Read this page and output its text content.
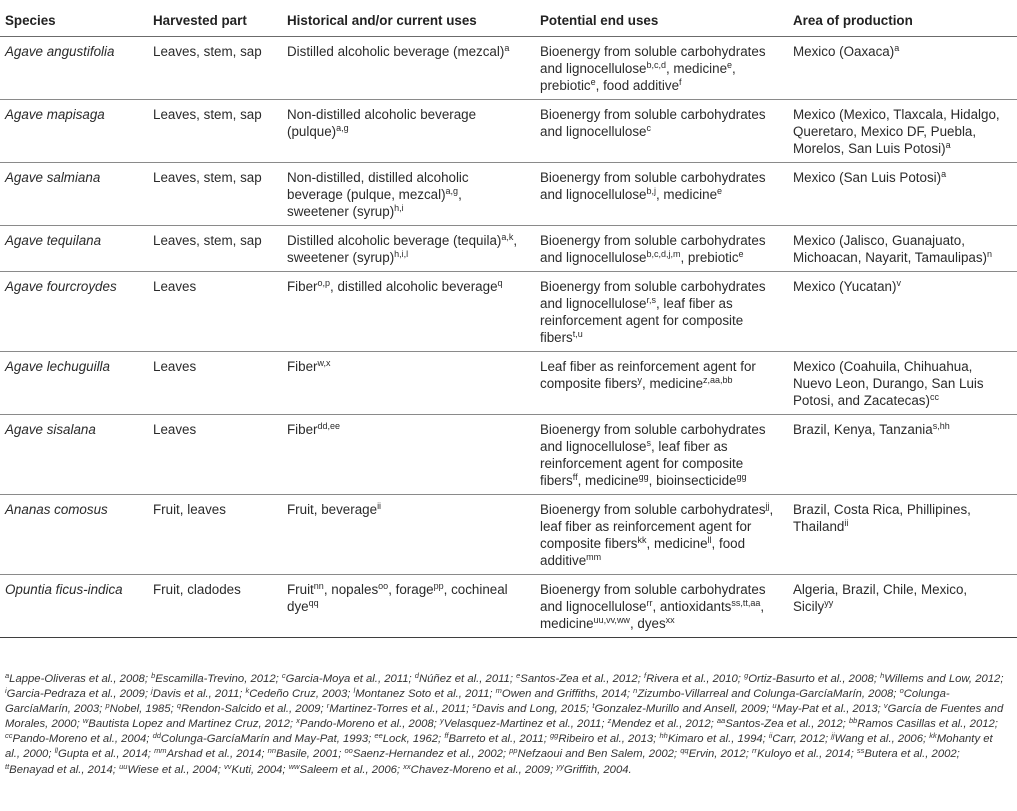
Species	Harvested part	Historical and/or current uses	Potential end uses	Area of production
Agave angustifolia	Leaves, stem, sap	Distilled alcoholic beverage (mezcal)$^a$	Bioenergy from soluble carbohydrates and lignocellulose$^{b,c,d}$, medicine$^e$, prebiotic$^e$, food additive$^f$	Mexico (Oaxaca)$^a$
Agave mapisaga	Leaves, stem, sap	Non-distilled alcoholic beverage (pulque)$^{a,g}$	Bioenergy from soluble carbohydrates and lignocellulose$^c$	Mexico (Mexico, Tlaxcala, Hidalgo, Queretaro, Mexico DF, Puebla, Morelos, San Luis Potosi)$^a$
Agave salmiana	Leaves, stem, sap	Non-distilled, distilled alcoholic beverage (pulque, mezcal)$^{a,g}$, sweetener (syrup)$^{h,i}$	Bioenergy from soluble carbohydrates and lignocellulose$^{b,j}$, medicine$^e$	Mexico (San Luis Potosi)$^a$
Agave tequilana	Leaves, stem, sap	Distilled alcoholic beverage (tequila)$^{a,k}$, sweetener (syrup)$^{h,i,l}$	Bioenergy from soluble carbohydrates and lignocellulose$^{b,c,d,j,m}$, prebiotic$^e$	Mexico (Jalisco, Guanajuato, Michoacan, Nayarit, Tamaulipas)$^n$
Agave fourcroydes	Leaves	Fiber$^{o,p}$, distilled alcoholic beverage$^q$	Bioenergy from soluble carbohydrates and lignocellulose$^{r,s}$, leaf fiber as reinforcement agent for composite fibers$^{t,u}$	Mexico (Yucatan)$^v$
Agave lechuguilla	Leaves	Fiber$^{w,x}$	Leaf fiber as reinforcement agent for composite fibers$^y$, medicine$^{z,aa,bb}$	Mexico (Coahuila, Chihuahua, Nuevo Leon, Durango, San Luis Potosi, and Zacatecas)$^{cc}$
Agave sisalana	Leaves	Fiber$^{dd,ee}$	Bioenergy from soluble carbohydrates and lignocellulose$^s$, leaf fiber as reinforcement agent for composite fibers$^{ff}$, medicine$^{gg}$, bioinsecticide$^{gg}$	Brazil, Kenya, Tanzania$^{s,hh}$
Ananas comosus	Fruit, leaves	Fruit, beverage$^{ii}$	Bioenergy from soluble carbohydrates$^{jj}$, leaf fiber as reinforcement agent for composite fibers$^{kk}$, medicine$^{ll}$, food additive$^{mm}$	Brazil, Costa Rica, Phillipines, Thailand$^{ii}$
Opuntia ficus-indica	Fruit, cladodes	Fruit$^{nn}$, nopales$^{oo}$, forage$^{pp}$, cochineal dye$^{qq}$	Bioenergy from soluble carbohydrates and lignocellulose$^{rr}$, antioxidants$^{ss,tt,aa}$, medicine$^{uu,vv,ww}$, dyes$^{xx}$	Algeria, Brazil, Chile, Mexico, Sicily$^{yy}$
$^a$Lappe-Oliveras et al., 2008; $^b$Escamilla-Trevino, 2012; $^c$Garcia-Moya et al., 2011; $^d$Núñez et al., 2011; $^e$Santos-Zea et al., 2012; $^f$Rivera et al., 2010; $^g$Ortiz-Basurto et al., 2008; $^h$Willems and Low, 2012; $^i$Garcia-Pedraza et al., 2009; $^j$Davis et al., 2011; $^k$Cedeño Cruz, 2003; $^l$Montanez Soto et al., 2011; $^m$Owen and Griffiths, 2014; $^n$Zizumbo-Villarreal and Colunga-GarcíaMarín, 2008; $^o$Colunga-GarcíaMarín, 2003; $^p$Nobel, 1985; $^q$Rendon-Salcido et al., 2009; $^r$Martinez-Torres et al., 2011; $^s$Davis and Long, 2015; $^t$Gonzalez-Murillo and Ansell, 2009; $^u$May-Pat et al., 2013; $^v$García de Fuentes and Morales, 2000; $^w$Bautista Lopez and Martinez Cruz, 2012; $^x$Pando-Moreno et al., 2008; $^y$Velasquez-Martinez et al., 2011; $^z$Mendez et al., 2012; $^{aa}$Santos-Zea et al., 2012; $^{bb}$Ramos Casillas et al., 2012; $^{cc}$Pando-Moreno et al., 2004; $^{dd}$Colunga-GarcíaMarín and May-Pat, 1993; $^{ee}$Lock, 1962; $^{ff}$Barreto et al., 2011; $^{gg}$Ribeiro et al., 2013; $^{hh}$Kimaro et al., 1994; $^{ii}$Carr, 2012; $^{jj}$Wang et al., 2006; $^{kk}$Mohanty et al., 2000; $^{ll}$Gupta et al., 2014; $^{mm}$Arshad et al., 2014; $^{nn}$Basile, 2001; $^{oo}$Saenz-Hernandez et al., 2002; $^{pp}$Nefzaoui and Ben Salem, 2002; $^{qq}$Ervin, 2012; $^{rr}$Kuloyo et al., 2014; $^{ss}$Butera et al., 2002; $^{tt}$Benayad et al., 2014; $^{uu}$Wiese et al., 2004; $^{vv}$Kuti, 2004; $^{ww}$Saleem et al., 2006; $^{xx}$Chavez-Moreno et al., 2009; $^{yy}$Griffith, 2004.
